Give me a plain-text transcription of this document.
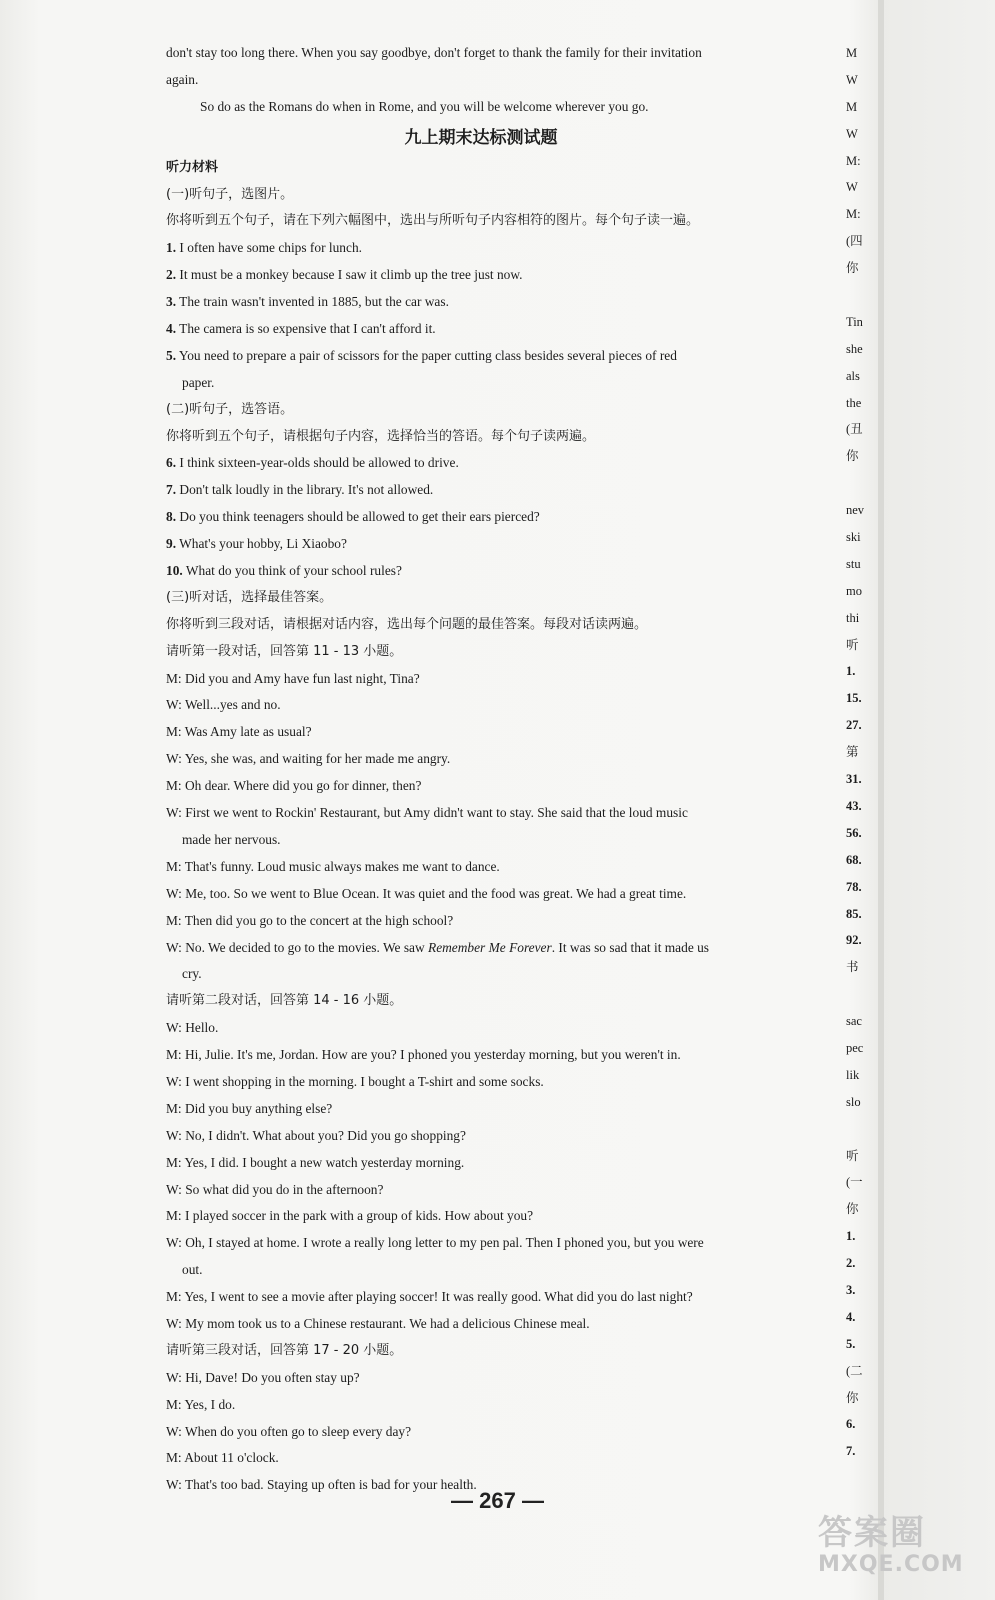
don't stay too long there. When you say goodbye, don't forget to thank the family for their invitation
again.
So do as the Romans do when in Rome, and you will be welcome wherever you go.
九上期末达标测试题
听力材料
(一)听句子，选图片。
你将听到五个句子，请在下列六幅图中，选出与所听句子内容相符的图片。每个句子读一遍。
1. I often have some chips for lunch.
2. It must be a monkey because I saw it climb up the tree just now.
3. The train wasn't invented in 1885, but the car was.
4. The camera is so expensive that I can't afford it.
5. You need to prepare a pair of scissors for the paper cutting class besides several pieces of red
paper.
(二)听句子，选答语。
你将听到五个句子，请根据句子内容，选择恰当的答语。每个句子读两遍。
6. I think sixteen-year-olds should be allowed to drive.
7. Don't talk loudly in the library. It's not allowed.
8. Do you think teenagers should be allowed to get their ears pierced?
9. What's your hobby, Li Xiaobo?
10. What do you think of your school rules?
(三)听对话，选择最佳答案。
你将听到三段对话，请根据对话内容，选出每个问题的最佳答案。每段对话读两遍。
请听第一段对话，回答第 11 - 13 小题。
M: Did you and Amy have fun last night, Tina?
W: Well...yes and no.
M: Was Amy late as usual?
W: Yes, she was, and waiting for her made me angry.
M: Oh dear. Where did you go for dinner, then?
W: First we went to Rockin' Restaurant, but Amy didn't want to stay. She said that the loud music
made her nervous.
M: That's funny. Loud music always makes me want to dance.
W: Me, too. So we went to Blue Ocean. It was quiet and the food was great. We had a great time.
M: Then did you go to the concert at the high school?
W: No. We decided to go to the movies. We saw Remember Me Forever. It was so sad that it made us
cry.
请听第二段对话，回答第 14 - 16 小题。
W: Hello.
M: Hi, Julie. It's me, Jordan. How are you? I phoned you yesterday morning, but you weren't in.
W: I went shopping in the morning. I bought a T-shirt and some socks.
M: Did you buy anything else?
W: No, I didn't. What about you? Did you go shopping?
M: Yes, I did. I bought a new watch yesterday morning.
W: So what did you do in the afternoon?
M: I played soccer in the park with a group of kids. How about you?
W: Oh, I stayed at home. I wrote a really long letter to my pen pal. Then I phoned you, but you were
out.
M: Yes, I went to see a movie after playing soccer! It was really good. What did you do last night?
W: My mom took us to a Chinese restaurant. We had a delicious Chinese meal.
请听第三段对话，回答第 17 - 20 小题。
W: Hi, Dave! Do you often stay up?
M: Yes, I do.
W: When do you often go to sleep every day?
M: About 11 o'clock.
W: That's too bad. Staying up often is bad for your health.
M
W
M
W
M:
W
M:
(四
你
Tin
she
als
the
(丑
你
nev
ski
stu
mo
thi
听
1.
15.
27.
第
31.
43.
56.
68.
78.
85.
92.
书
sac
pec
lik
slo
听
(一
你
1.
2.
3.
4.
5.
(二
你
6.
7.
— 267 —
答案圈
MXQE.COM
